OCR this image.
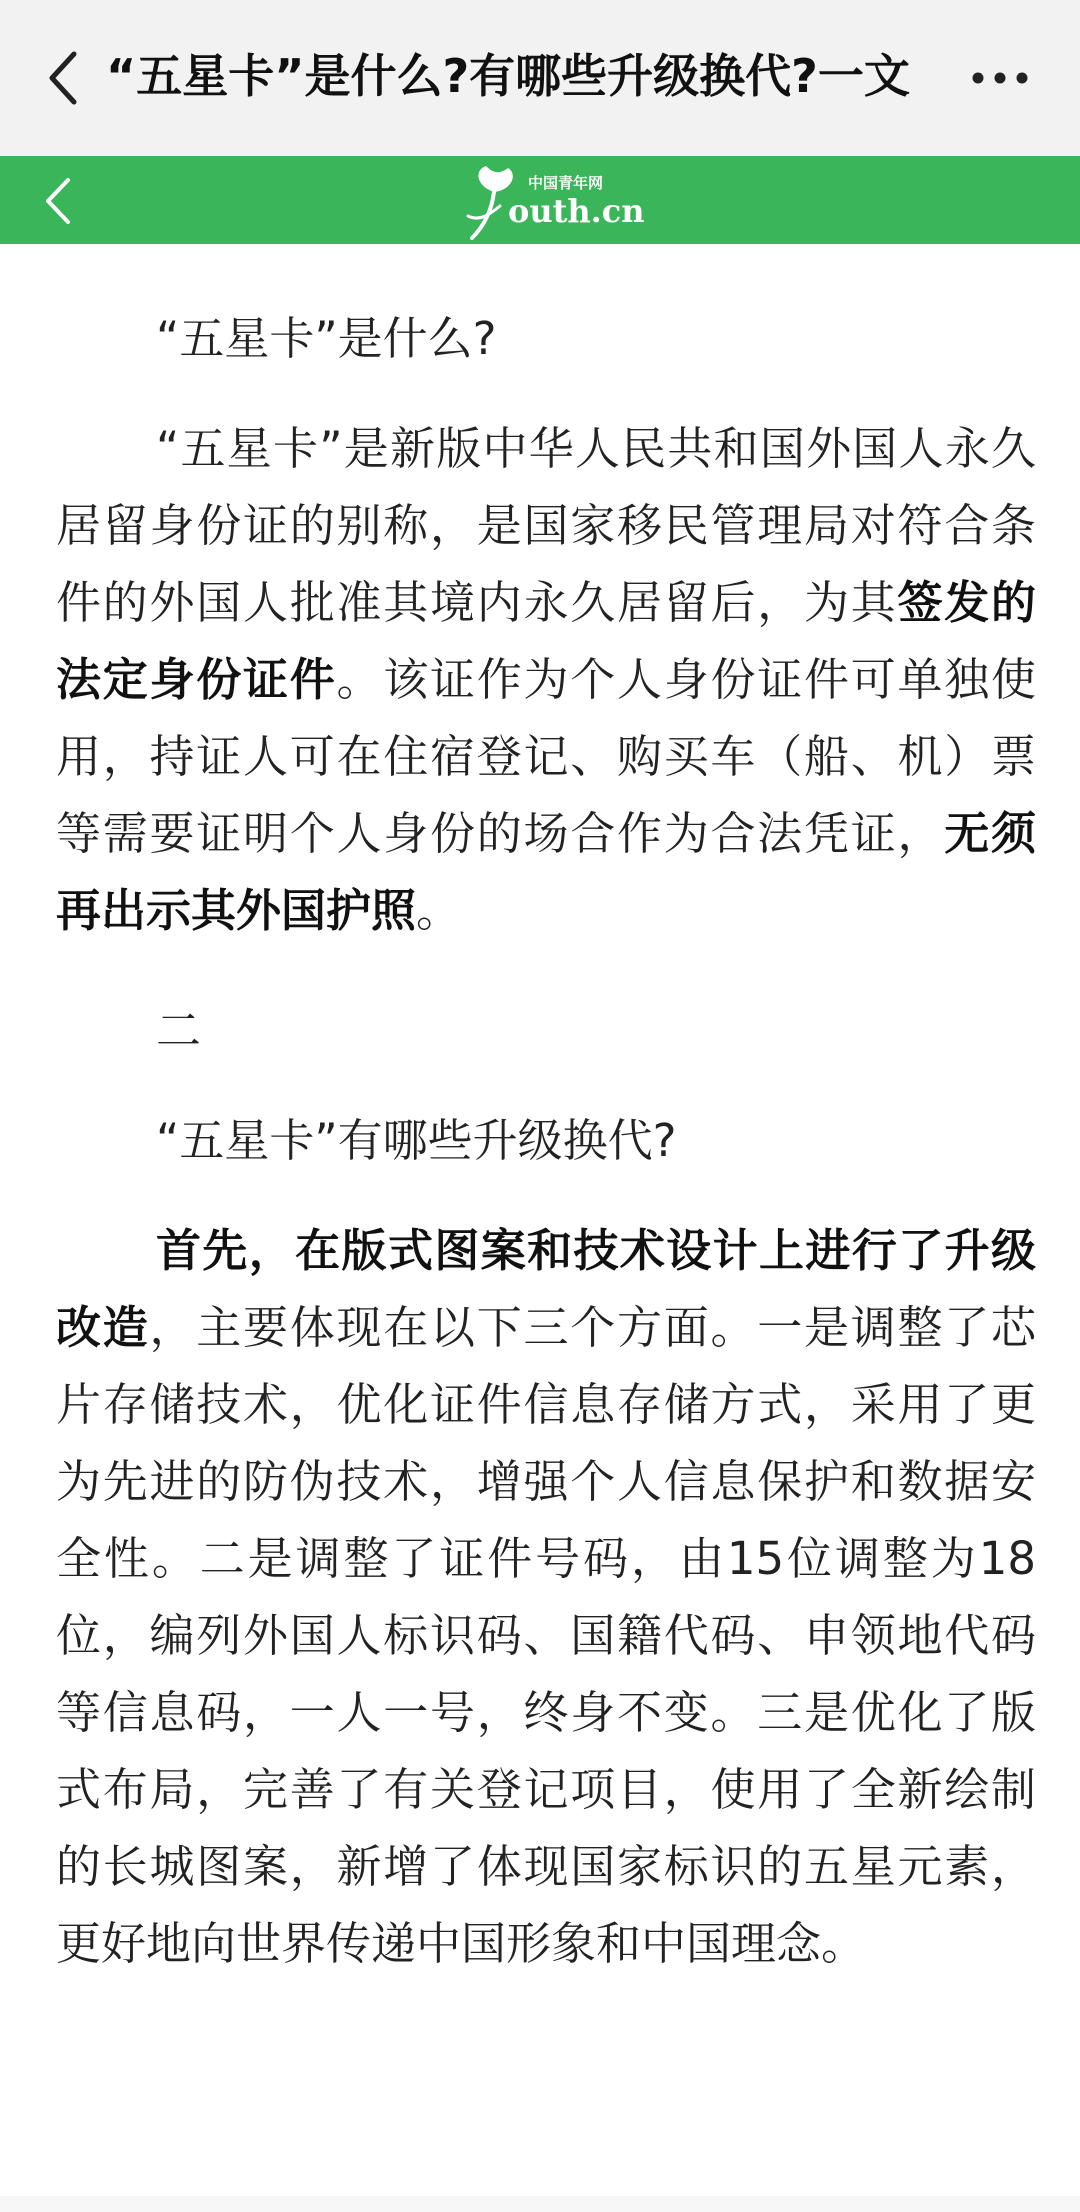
“五星卡”是什么?有哪些升级换代?一文
中国青年网
outh.cn

“五星卡”是什么?

“五星卡”是新版中华人民共和国外国人永久居留身份证的别称，是国家移民管理局对符合条件的外国人批准其境内永久居留后，为其签发的法定身份证件。该证作为个人身份证件可单独使用，持证人可在住宿登记、购买车（船、机）票等需要证明个人身份的场合作为合法凭证，无须再出示其外国护照。

二

“五星卡”有哪些升级换代?

首先，在版式图案和技术设计上进行了升级改造，主要体现在以下三个方面。一是调整了芯片存储技术，优化证件信息存储方式，采用了更为先进的防伪技术，增强个人信息保护和数据安全性。二是调整了证件号码，由15位调整为18位，编列外国人标识码、国籍代码、申领地代码等信息码，一人一号，终身不变。三是优化了版式布局，完善了有关登记项目，使用了全新绘制的长城图案，新增了体现国家标识的五星元素，更好地向世界传递中国形象和中国理念。
